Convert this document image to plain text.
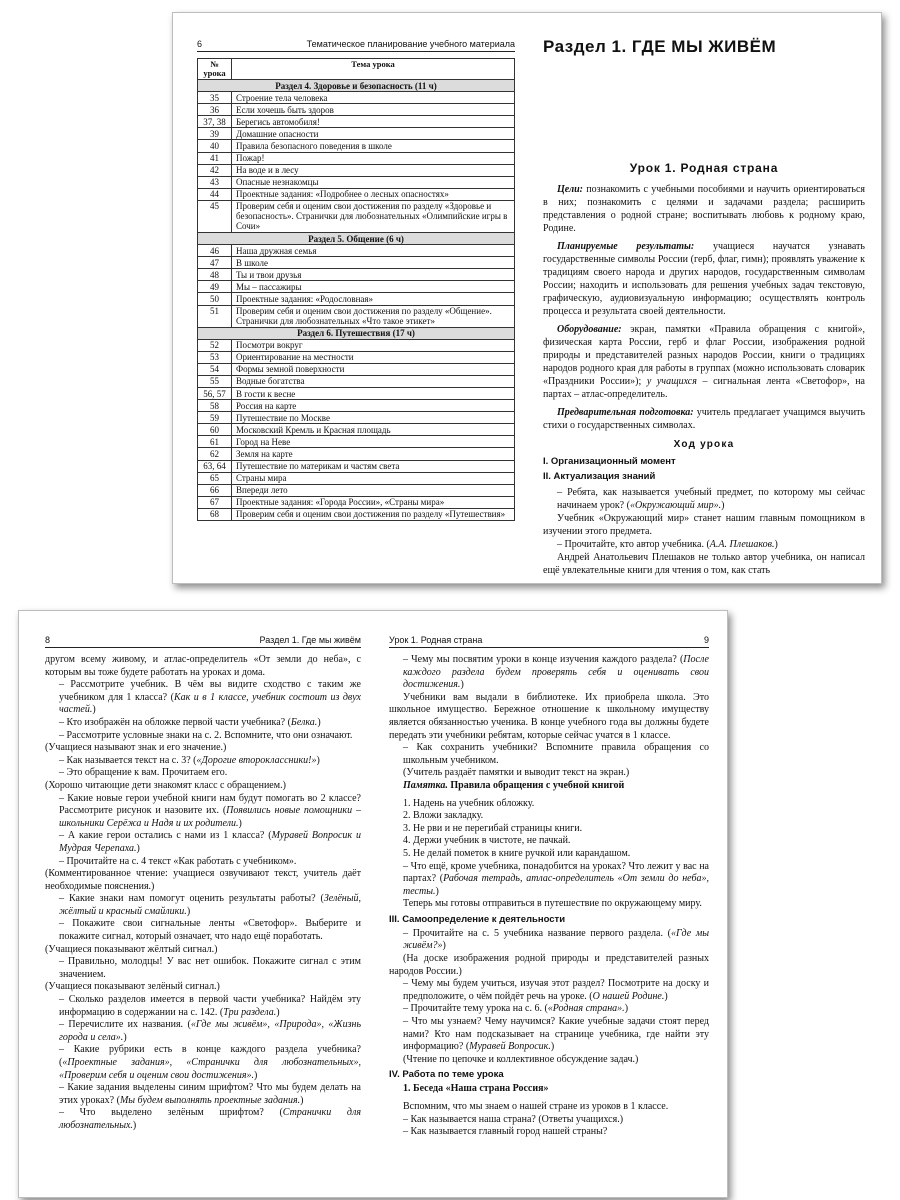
6	Тематическое планирование учебного материала
№ урока	Тема урока
Раздел 4. Здоровье и безопасность (11 ч)	
35	Строение тела человека
36	Если хочешь быть здоров
37, 38	Берегись автомобиля!
39	Домашние опасности
40	Правила безопасного поведения в школе
41	Пожар!
42	На воде и в лесу
43	Опасные незнакомцы
44	Проектные задания: «Подробнее о лесных опасностях»
45	Проверим себя и оценим свои достижения по разделу «Здоровье и безопасность». Странички для любознательных «Олимпийские игры в Сочи»
Раздел 5. Общение (6 ч)	
46	Наша дружная семья
47	В школе
48	Ты и твои друзья
49	Мы – пассажиры
50	Проектные задания: «Родословная»
51	Проверим себя и оценим свои достижения по разделу «Общение». Странички для любознательных «Что такое этикет»
Раздел 6. Путешествия (17 ч)	
52	Посмотри вокруг
53	Ориентирование на местности
54	Формы земной поверхности
55	Водные богатства
56, 57	В гости к весне
58	Россия на карте
59	Путешествие по Москве
60	Московский Кремль и Красная площадь
61	Город на Неве
62	Земля на карте
63, 64	Путешествие по материкам и частям света
65	Страны мира
66	Впереди лето
67	Проектные задания: «Города России», «Страны мира»
68	Проверим себя и оценим свои достижения по разделу «Путешествия»
Раздел 1. ГДЕ МЫ ЖИВЁМ
Урок 1. Родная страна

Цели: познакомить с учебными пособиями и научить ориентироваться в них; познакомить с целями и задачами раздела; расширить представления о родной стране; воспитывать любовь к родному краю, Родине.

Планируемые результаты: учащиеся научатся узнавать государственные символы России (герб, флаг, гимн); проявлять уважение к традициям своего народа и других народов, государственным символам России; находить и использовать для решения учебных задач текстовую, графическую, аудиовизуальную информацию; осуществлять контроль процесса и результата своей деятельности.

Оборудование: экран, памятки «Правила обращения с книгой», физическая карта России, герб и флаг России, изображения родной природы и представителей разных народов России, книги о традициях народов родного края для работы в группах (можно использовать словарик «Праздники России»); у учащихся – сигнальная лента «Светофор», на партах – атлас-определитель.

Предварительная подготовка: учитель предлагает учащимся выучить стихи о государственных символах.

Ход урока
I. Организационный момент
II. Актуализация знаний

– Ребята, как называется учебный предмет, по которому мы сейчас начинаем урок? («Окружающий мир».)

Учебник «Окружающий мир» станет нашим главным помощником в изучении этого предмета.

– Прочитайте, кто автор учебника. (А.А. Плешаков.)

Андрей Анатольевич Плешаков не только автор учебника, он написал ещё увлекательные книги для чтения о том, как стать

8	Раздел 1. Где мы живём

другом всему живому, и атлас-определитель «От земли до неба», с которым вы тоже будете работать на уроках и дома.

– Рассмотрите учебник. В чём вы видите сходство с таким же учебником для 1 класса? (Как и в 1 классе, учебник состоит из двух частей.)

– Кто изображён на обложке первой части учебника? (Белка.)

– Рассмотрите условные знаки на с. 2. Вспомните, что они означают.

(Учащиеся называют знак и его значение.)

– Как называется текст на с. 3? («Дорогие второклассники!»)

– Это обращение к вам. Прочитаем его.

(Хорошо читающие дети знакомят класс с обращением.)

– Какие новые герои учебной книги нам будут помогать во 2 классе? Рассмотрите рисунок и назовите их. (Появились новые помощники – школьники Серёжа и Надя и их родители.)

– А какие герои остались с нами из 1 класса? (Муравей Вопросик и Мудрая Черепаха.)

– Прочитайте на с. 4 текст «Как работать с учебником».

(Комментированное чтение: учащиеся озвучивают текст, учитель даёт необходимые пояснения.)

– Какие знаки нам помогут оценить результаты работы? (Зелёный, жёлтый и красный смайлики.)

– Покажите свои сигнальные ленты «Светофор». Выберите и покажите сигнал, который означает, что надо ещё поработать.

(Учащиеся показывают жёлтый сигнал.)

– Правильно, молодцы! У вас нет ошибок. Покажите сигнал с этим значением.

(Учащиеся показывают зелёный сигнал.)

– Сколько разделов имеется в первой части учебника? Найдём эту информацию в содержании на с. 142. (Три раздела.)

– Перечислите их названия. («Где мы живём», «Природа», «Жизнь города и села».)

– Какие рубрики есть в конце каждого раздела учебника? («Проектные задания», «Странички для любознательных», «Проверим себя и оценим свои достижения».)

– Какие задания выделены синим шрифтом? Что мы будем делать на этих уроках? (Мы будем выполнять проектные задания.)

– Что выделено зелёным шрифтом? (Странички для любознательных.)

Урок 1. Родная страна	9

– Чему мы посвятим уроки в конце изучения каждого раздела? (После каждого раздела будем проверять себя и оценивать свои достижения.)

Учебники вам выдали в библиотеке. Их приобрела школа. Это школьное имущество. Бережное отношение к школьному имуществу является обязанностью ученика. В конце учебного года вы должны будете передать эти учебники ребятам, которые сейчас учатся в 1 классе.

– Как сохранить учебники? Вспомните правила обращения со школьным учебником.

(Учитель раздаёт памятки и выводит текст на экран.)

Памятка. Правила обращения с учебной книгой

1. Надень на учебник обложку.

2. Вложи закладку.

3. Не рви и не перегибай страницы книги.

4. Держи учебник в чистоте, не пачкай.

5. Не делай пометок в книге ручкой или карандашом.

– Что ещё, кроме учебника, понадобится на уроках? Что лежит у вас на партах? (Рабочая тетрадь, атлас-определитель «От земли до неба», тесты.)

Теперь мы готовы отправиться в путешествие по окружающему миру.

III. Самоопределение к деятельности

– Прочитайте на с. 5 учебника название первого раздела. («Где мы живём?»)

(На доске изображения родной природы и представителей разных народов России.)

– Чему мы будем учиться, изучая этот раздел? Посмотрите на доску и предположите, о чём пойдёт речь на уроке. (О нашей Родине.)

– Прочитайте тему урока на с. 6. («Родная страна».)

– Что мы узнаем? Чему научимся? Какие учебные задачи стоят перед нами? Кто нам подсказывает на странице учебника, где найти эту информацию? (Муравей Вопросик.)

(Чтение по цепочке и коллективное обсуждение задач.)

IV. Работа по теме урока

1. Беседа «Наша страна Россия»

Вспомним, что мы знаем о нашей стране из уроков в 1 классе.

– Как называется наша страна? (Ответы учащихся.)

– Как называется главный город нашей страны?
